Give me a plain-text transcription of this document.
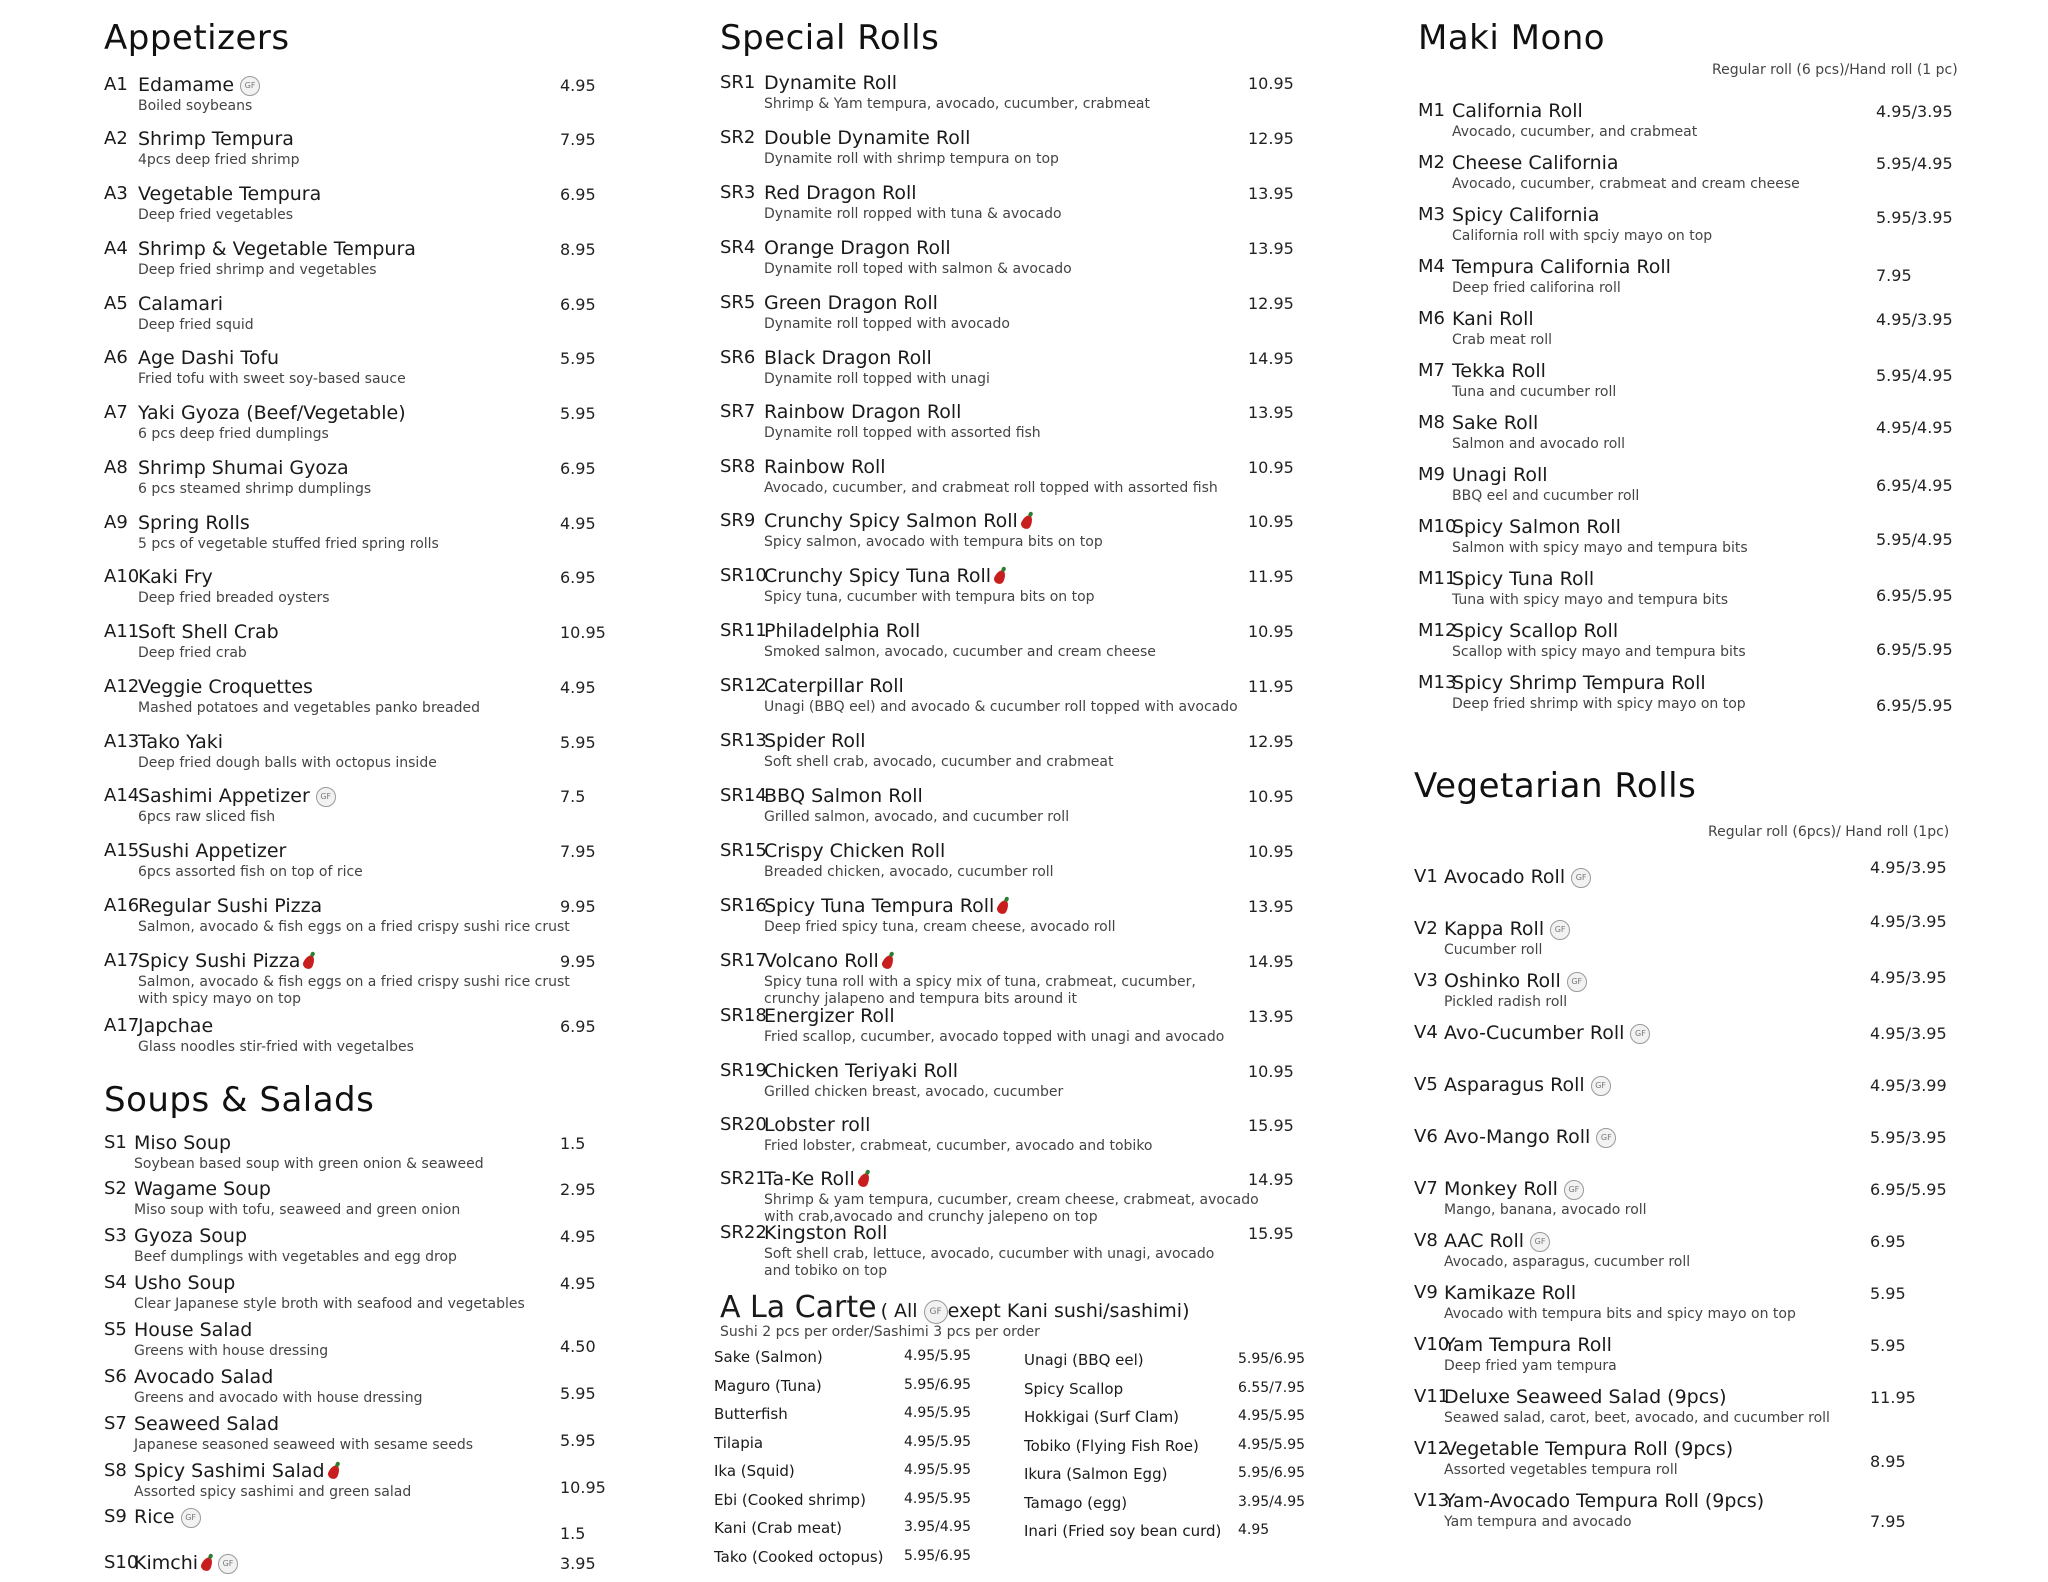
Appetizers
A1 Edamame GF
Boiled soybeans
4.95
A2 Shrimp Tempura
4pcs deep fried shrimp
7.95
A3 Vegetable Tempura
Deep fried vegetables
6.95
A4 Shrimp & Vegetable Tempura
Deep fried shrimp and vegetables
8.95
A5 Calamari
Deep fried squid
6.95
A6 Age Dashi Tofu
Fried tofu with sweet soy-based sauce
5.95
A7 Yaki Gyoza (Beef/Vegetable)
6 pcs deep fried dumplings
5.95
A8 Shrimp Shumai Gyoza
6 pcs steamed shrimp dumplings
6.95
A9 Spring Rolls
5 pcs of vegetable stuffed fried spring rolls
4.95
A10
Kaki Fry
Deep fried breaded oysters
6.95
A11
Soft Shell Crab
Deep fried crab
10.95
A12
Veggie Croquettes
Mashed potatoes and vegetables panko breaded
4.95
A13
Tako Yaki
Deep fried dough balls with octopus inside
5.95
A14
Sashimi Appetizer GF
6pcs raw sliced fish
7.5
A15
Sushi Appetizer
6pcs assorted fish on top of rice
7.95
A16
Regular Sushi Pizza
Salmon, avocado & fish eggs on a fried crispy sushi rice crust
9.95
A17
Spicy Sushi Pizza
Salmon, avocado & fish eggs on a fried crispy sushi rice crust
with spicy mayo on top
9.95
A17
Japchae
Glass noodles stir-fried with vegetalbes
6.95
Soups & Salads
S1 Miso Soup
Soybean based soup with green onion & seaweed
1.5
S2 Wagame Soup
Miso soup with tofu, seaweed and green onion
2.95
S3 Gyoza Soup
Beef dumplings with vegetables and egg drop
4.95
S4 Usho Soup
Clear Japanese style broth with seafood and vegetables
4.95
S5 House Salad
Greens with house dressing	4.50
S6 Avocado Salad
Greens and avocado with house dressing	5.95
S7 Seaweed Salad
Japanese seasoned seaweed with sesame seeds	5.95
S8 Spicy Sashimi Salad
Assorted spicy sashimi and green salad	10.95
S9 Rice GF
1.5
S10
Kimchi	GF	3.95
Special Rolls
SR1 Dynamite Roll
Shrimp & Yam tempura, avocado, cucumber, crabmeat
10.95
SR2 Double Dynamite Roll
Dynamite roll with shrimp tempura on top
12.95
SR3 Red Dragon Roll
Dynamite roll ropped with tuna & avocado
13.95
SR4 Orange Dragon Roll
Dynamite roll toped with salmon & avocado
13.95
SR5 Green Dragon Roll
Dynamite roll topped with avocado
12.95
SR6 Black Dragon Roll
Dynamite roll topped with unagi
14.95
SR7 Rainbow Dragon Roll
Dynamite roll topped with assorted fish
13.95
SR8 Rainbow Roll
Avocado, cucumber, and crabmeat roll topped with assorted fish
10.95
SR9 Crunchy Spicy Salmon Roll
Spicy salmon, avocado with tempura bits on top
10.95
SR10
Crunchy Spicy Tuna Roll
Spicy tuna, cucumber with tempura bits on top
11.95
SR11
Philadelphia Roll
Smoked salmon, avocado, cucumber and cream cheese
10.95
SR12
Caterpillar Roll
Unagi (BBQ eel) and avocado & cucumber roll topped with avocado
11.95
SR13
Spider Roll
Soft shell crab, avocado, cucumber and crabmeat
12.95
SR14
BBQ Salmon Roll
Grilled salmon, avocado, and cucumber roll
10.95
SR15
Crispy Chicken Roll
Breaded chicken, avocado, cucumber roll
10.95
SR16
Spicy Tuna Tempura Roll
Deep fried spicy tuna, cream cheese, avocado roll
13.95
SR17
Volcano Roll
Spicy tuna roll with a spicy mix of tuna, crabmeat, cucumber,
crunchy jalapeno and tempura bits around it
14.95
SR18
Energizer Roll
Fried scallop, cucumber, avocado topped with unagi and avocado
13.95
SR19
Chicken Teriyaki Roll
Grilled chicken breast, avocado, cucumber
10.95
SR20
Lobster roll
Fried lobster, crabmeat, cucumber, avocado and tobiko
15.95
SR21
Ta-Ke Roll
Shrimp & yam tempura, cucumber, cream cheese, crabmeat, avocado
with crab,avocado and crunchy jalepeno on top
14.95
SR22
Kingston Roll
Soft shell crab, lettuce, avocado, cucumber with unagi, avocado
and tobiko on top
15.95
A La Carte ( All GF exept Kani sushi/sashimi)
Sushi 2 pcs per order/Sashimi 3 pcs per order
Sake (Salmon)	4.95/5.95
Maguro (Tuna)	5.95/6.95
Butterfish	4.95/5.95
Tilapia	4.95/5.95
Ika (Squid)	4.95/5.95
Ebi (Cooked shrimp)	4.95/5.95
Kani (Crab meat)	3.95/4.95
Tako (Cooked octopus) 5.95/6.95
Unagi (BBQ eel)	5.95/6.95
Spicy Scallop	6.55/7.95
Hokkigai (Surf Clam)	4.95/5.95
Tobiko (Flying Fish Roe)	4.95/5.95
Ikura (Salmon Egg)	5.95/6.95
Tamago (egg)	3.95/4.95
Inari (Fried soy bean curd) 4.95
Maki Mono
Regular roll (6 pcs)/Hand roll (1 pc)
M1 California Roll
Avocado, cucumber, and crabmeat
4.95/3.95
M2 Cheese California
Avocado, cucumber, crabmeat and cream cheese
5.95/4.95
M3 Spicy California
California roll with spciy mayo on top
5.95/3.95
M4 Tempura California Roll
Deep fried califorina roll
7.95
M6 Kani Roll
Crab meat roll
4.95/3.95
M7 Tekka Roll
Tuna and cucumber roll
5.95/4.95
M8 Sake Roll
Salmon and avocado roll
4.95/4.95
M9 Unagi Roll
BBQ eel and cucumber roll
6.95/4.95
M10
Spicy Salmon Roll
Salmon with spicy mayo and tempura bits	5.95/4.95
M11
Spicy Tuna Roll
Tuna with spicy mayo and tempura bits	6.95/5.95
M12
Spicy Scallop Roll
Scallop with spicy mayo and tempura bits	6.95/5.95
M13
Spicy Shrimp Tempura Roll
Deep fried shrimp with spicy mayo on top	6.95/5.95
Vegetarian Rolls
Regular roll (6pcs)/ Hand roll (1pc)
V1 Avocado Roll GF	4.95/3.95
V2 Kappa Roll GF
Cucumber roll
4.95/3.95
V3 Oshinko Roll GF
Pickled radish roll
4.95/3.95
V4 Avo-Cucumber Roll GF	4.95/3.95
V5 Asparagus Roll GF	4.95/3.99
V6 Avo-Mango Roll GF	5.95/3.95
V7 Monkey Roll GF
Mango, banana, avocado roll
6.95/5.95
V8 AAC Roll GF
Avocado, asparagus, cucumber roll
6.95
V9 Kamikaze Roll
Avocado with tempura bits and spicy mayo on top
5.95
V10
Yam Tempura Roll
Deep fried yam tempura
5.95
V11
Deluxe Seaweed Salad (9pcs)
Seawed salad, carot, beet, avocado, and cucumber roll
11.95
V12
Vegetable Tempura Roll (9pcs)
Assorted vegetables tempura roll	8.95
V13
Yam-Avocado Tempura Roll (9pcs)
Yam tempura and avocado	7.95
